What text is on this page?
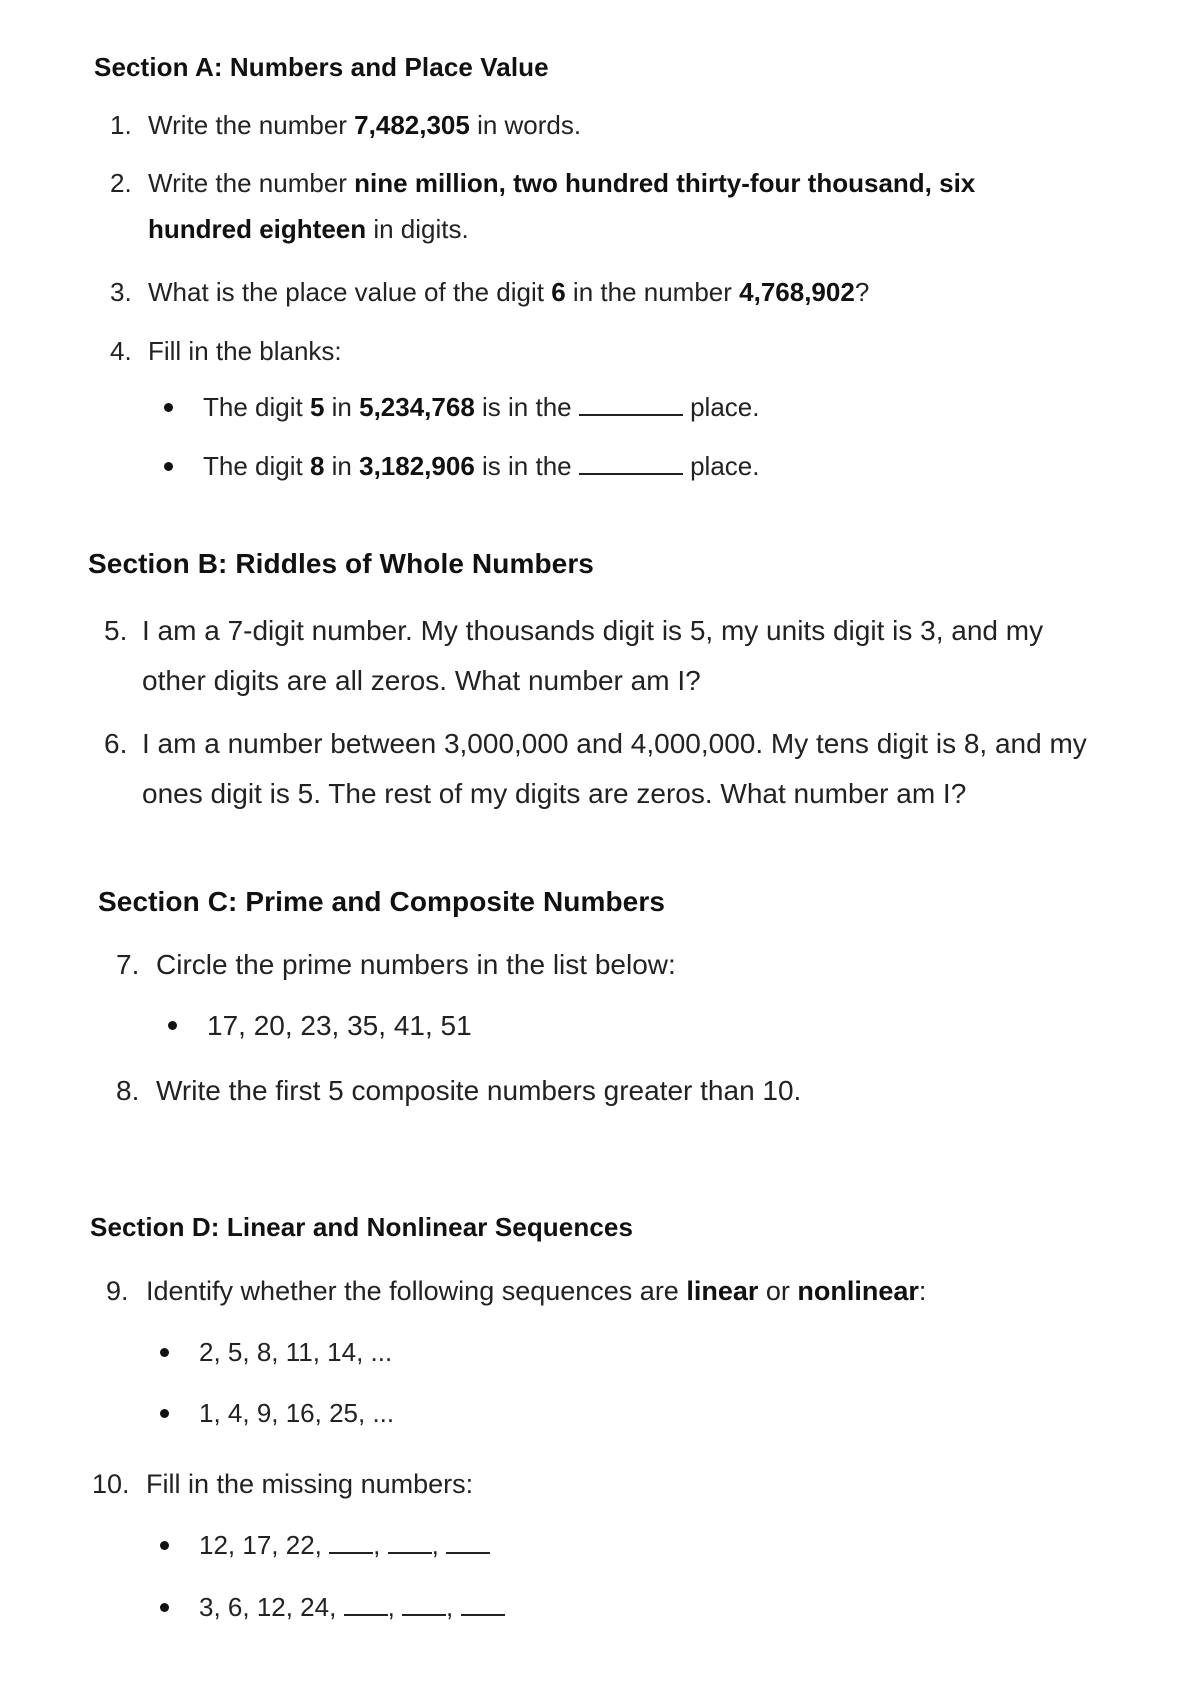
Section A: Numbers and Place Value
1. Write the number 7,482,305 in words.
2. Write the number nine million, two hundred thirty-four thousand, six
hundred eighteen in digits.
3. What is the place value of the digit 6 in the number 4,768,902?
4. Fill in the blanks:
The digit 5 in 5,234,768 is in the	place.
The digit 8 in 3,182,906 is in the	place.
Section B: Riddles of Whole Numbers
5. I am a 7-digit number. My thousands digit is 5, my units digit is 3, and my
other digits are all zeros. What number am I?
6. I am a number between 3,000,000 and 4,000,000. My tens digit is 8, and my
ones digit is 5. The rest of my digits are zeros. What number am I?
Section C: Prime and Composite Numbers
7. Circle the prime numbers in the list below:
17, 20, 23, 35, 41, 51
8. Write the first 5 composite numbers greater than 10.
Section D: Linear and Nonlinear Sequences
9. Identify whether the following sequences are linear or nonlinear:
2, 5, 8, 11, 14, ...
1, 4, 9, 16, 25, ...
10. Fill in the missing numbers:
12, 17, 22, , ,
3, 6, 12, 24, , ,
